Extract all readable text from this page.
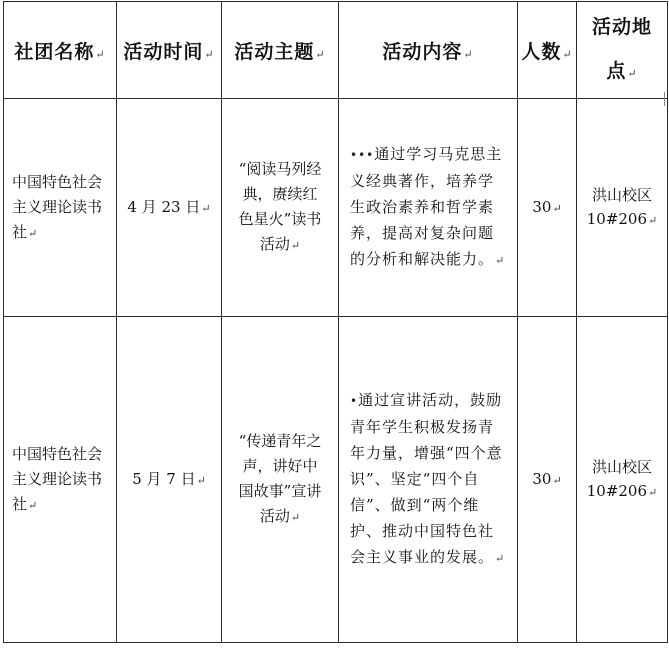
社团名称↵	活动时间↵	活动主题↵	活动内容↵	人数↵	活动地
点↵
中国特色社会主义理论读书社↵	4 月 23 日↵	“阅读马列经典，赓续红色星火”读书活动↵	•••通过学习马克思主义经典著作，培养学生政治素养和哲学素养，提高对复杂问题的分析和解决能力。↵	30↵	洪山校区
10#206↵
中国特色社会主义理论读书社↵	5 月 7 日↵	“传递青年之声，讲好中国故事”宣讲活动↵	•通过宣讲活动，鼓励青年学生积极发扬青年力量，增强“四个意识”、坚定“四个自信”、做到“两个维护、推动中国特色社会主义事业的发展。↵	30↵	洪山校区
10#206↵
